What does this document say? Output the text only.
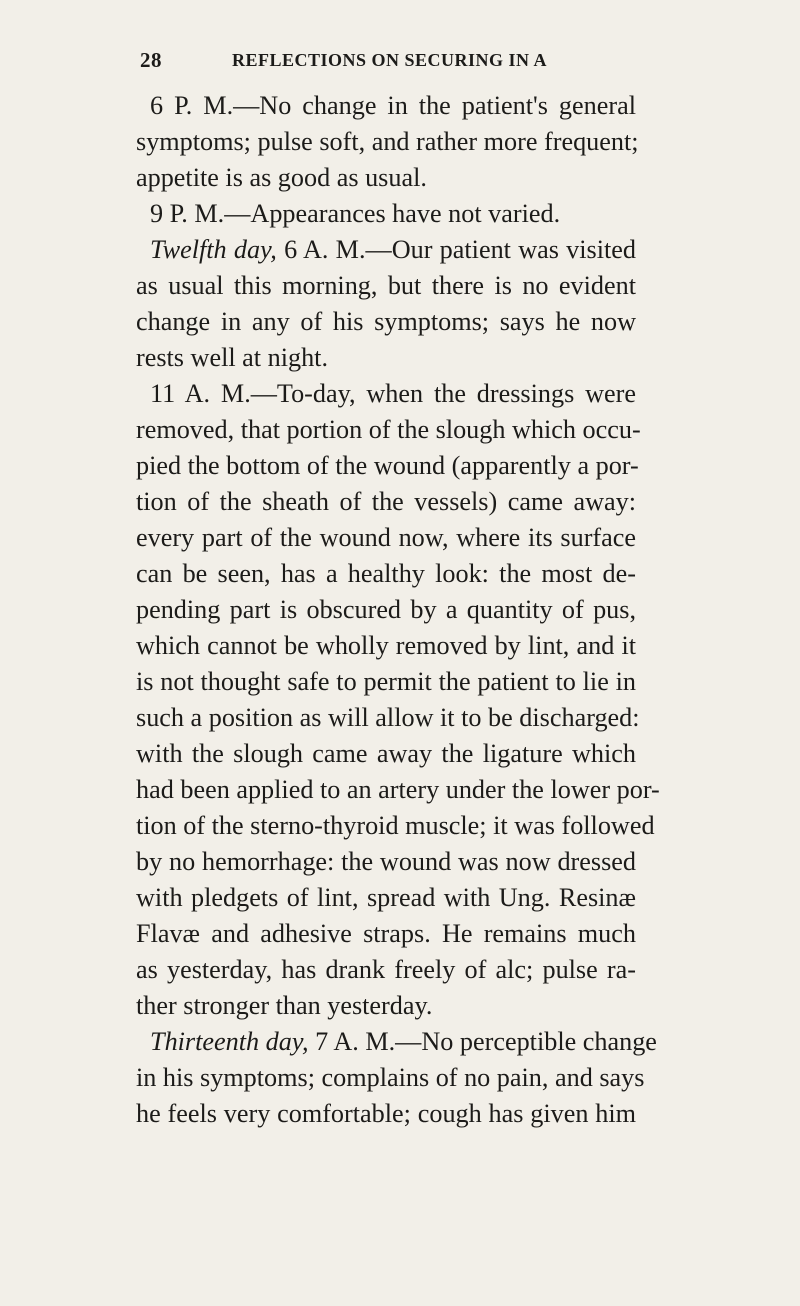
28	REFLECTIONS ON SECURING IN A
6 P. M.—No change in the patient's general
symptoms; pulse soft, and rather more frequent;
appetite is as good as usual.
9 P. M.—Appearances have not varied.
Twelfth day, 6 A. M.—Our patient was visited
as usual this morning, but there is no evident
change in any of his symptoms; says he now
rests well at night.
11 A. M.—To-day, when the dressings were
removed, that portion of the slough which occu-
pied the bottom of the wound (apparently a por-
tion of the sheath of the vessels) came away:
every part of the wound now, where its surface
can be seen, has a healthy look: the most de-
pending part is obscured by a quantity of pus,
which cannot be wholly removed by lint, and it
is not thought safe to permit the patient to lie in
such a position as will allow it to be discharged:
with the slough came away the ligature which
had been applied to an artery under the lower por-
tion of the sterno-thyroid muscle; it was followed
by no hemorrhage: the wound was now dressed
with pledgets of lint, spread with Ung. Resinæ
Flavæ and adhesive straps. He remains much
as yesterday, has drank freely of alc; pulse ra-
ther stronger than yesterday.
Thirteenth day, 7 A. M.—No perceptible change
in his symptoms; complains of no pain, and says
he feels very comfortable; cough has given him
